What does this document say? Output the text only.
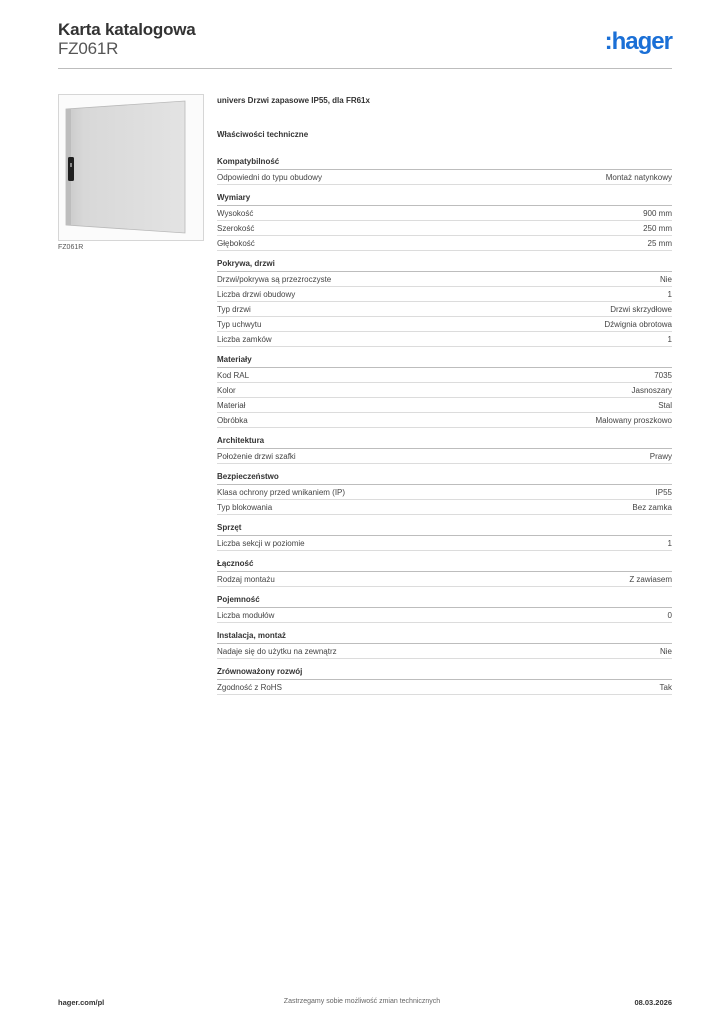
Karta katalogowa
FZ061R	:hager
FZ061R
univers Drzwi zapasowe IP55, dla FR61x
Właściwości techniczne
Kompatybilność
Odpowiedni do typu obudowy	Montaż natynkowy
Wymiary
Wysokość	900 mm
Szerokość	250 mm
Głębokość	25 mm
Pokrywa, drzwi
Drzwi/pokrywa są przezroczyste	Nie
Liczba drzwi obudowy	1
Typ drzwi	Drzwi skrzydłowe
Typ uchwytu	Dźwignia obrotowa
Liczba zamków	1
Materiały
Kod RAL	7035
Kolor	Jasnoszary
Materiał	Stal
Obróbka	Malowany proszkowo
Architektura
Położenie drzwi szafki	Prawy
Bezpieczeństwo
Klasa ochrony przed wnikaniem (IP)	IP55
Typ blokowania	Bez zamka
Sprzęt
Liczba sekcji w poziomie	1
Łączność
Rodzaj montażu	Z zawiasem
Pojemność
Liczba modułów	0
Instalacja, montaż
Nadaje się do użytku na zewnątrz	Nie
Zrównoważony rozwój
Zgodność z RoHS	Tak
hager.com/pl	Zastrzegamy sobie możliwość zmian technicznych	08.03.2026
